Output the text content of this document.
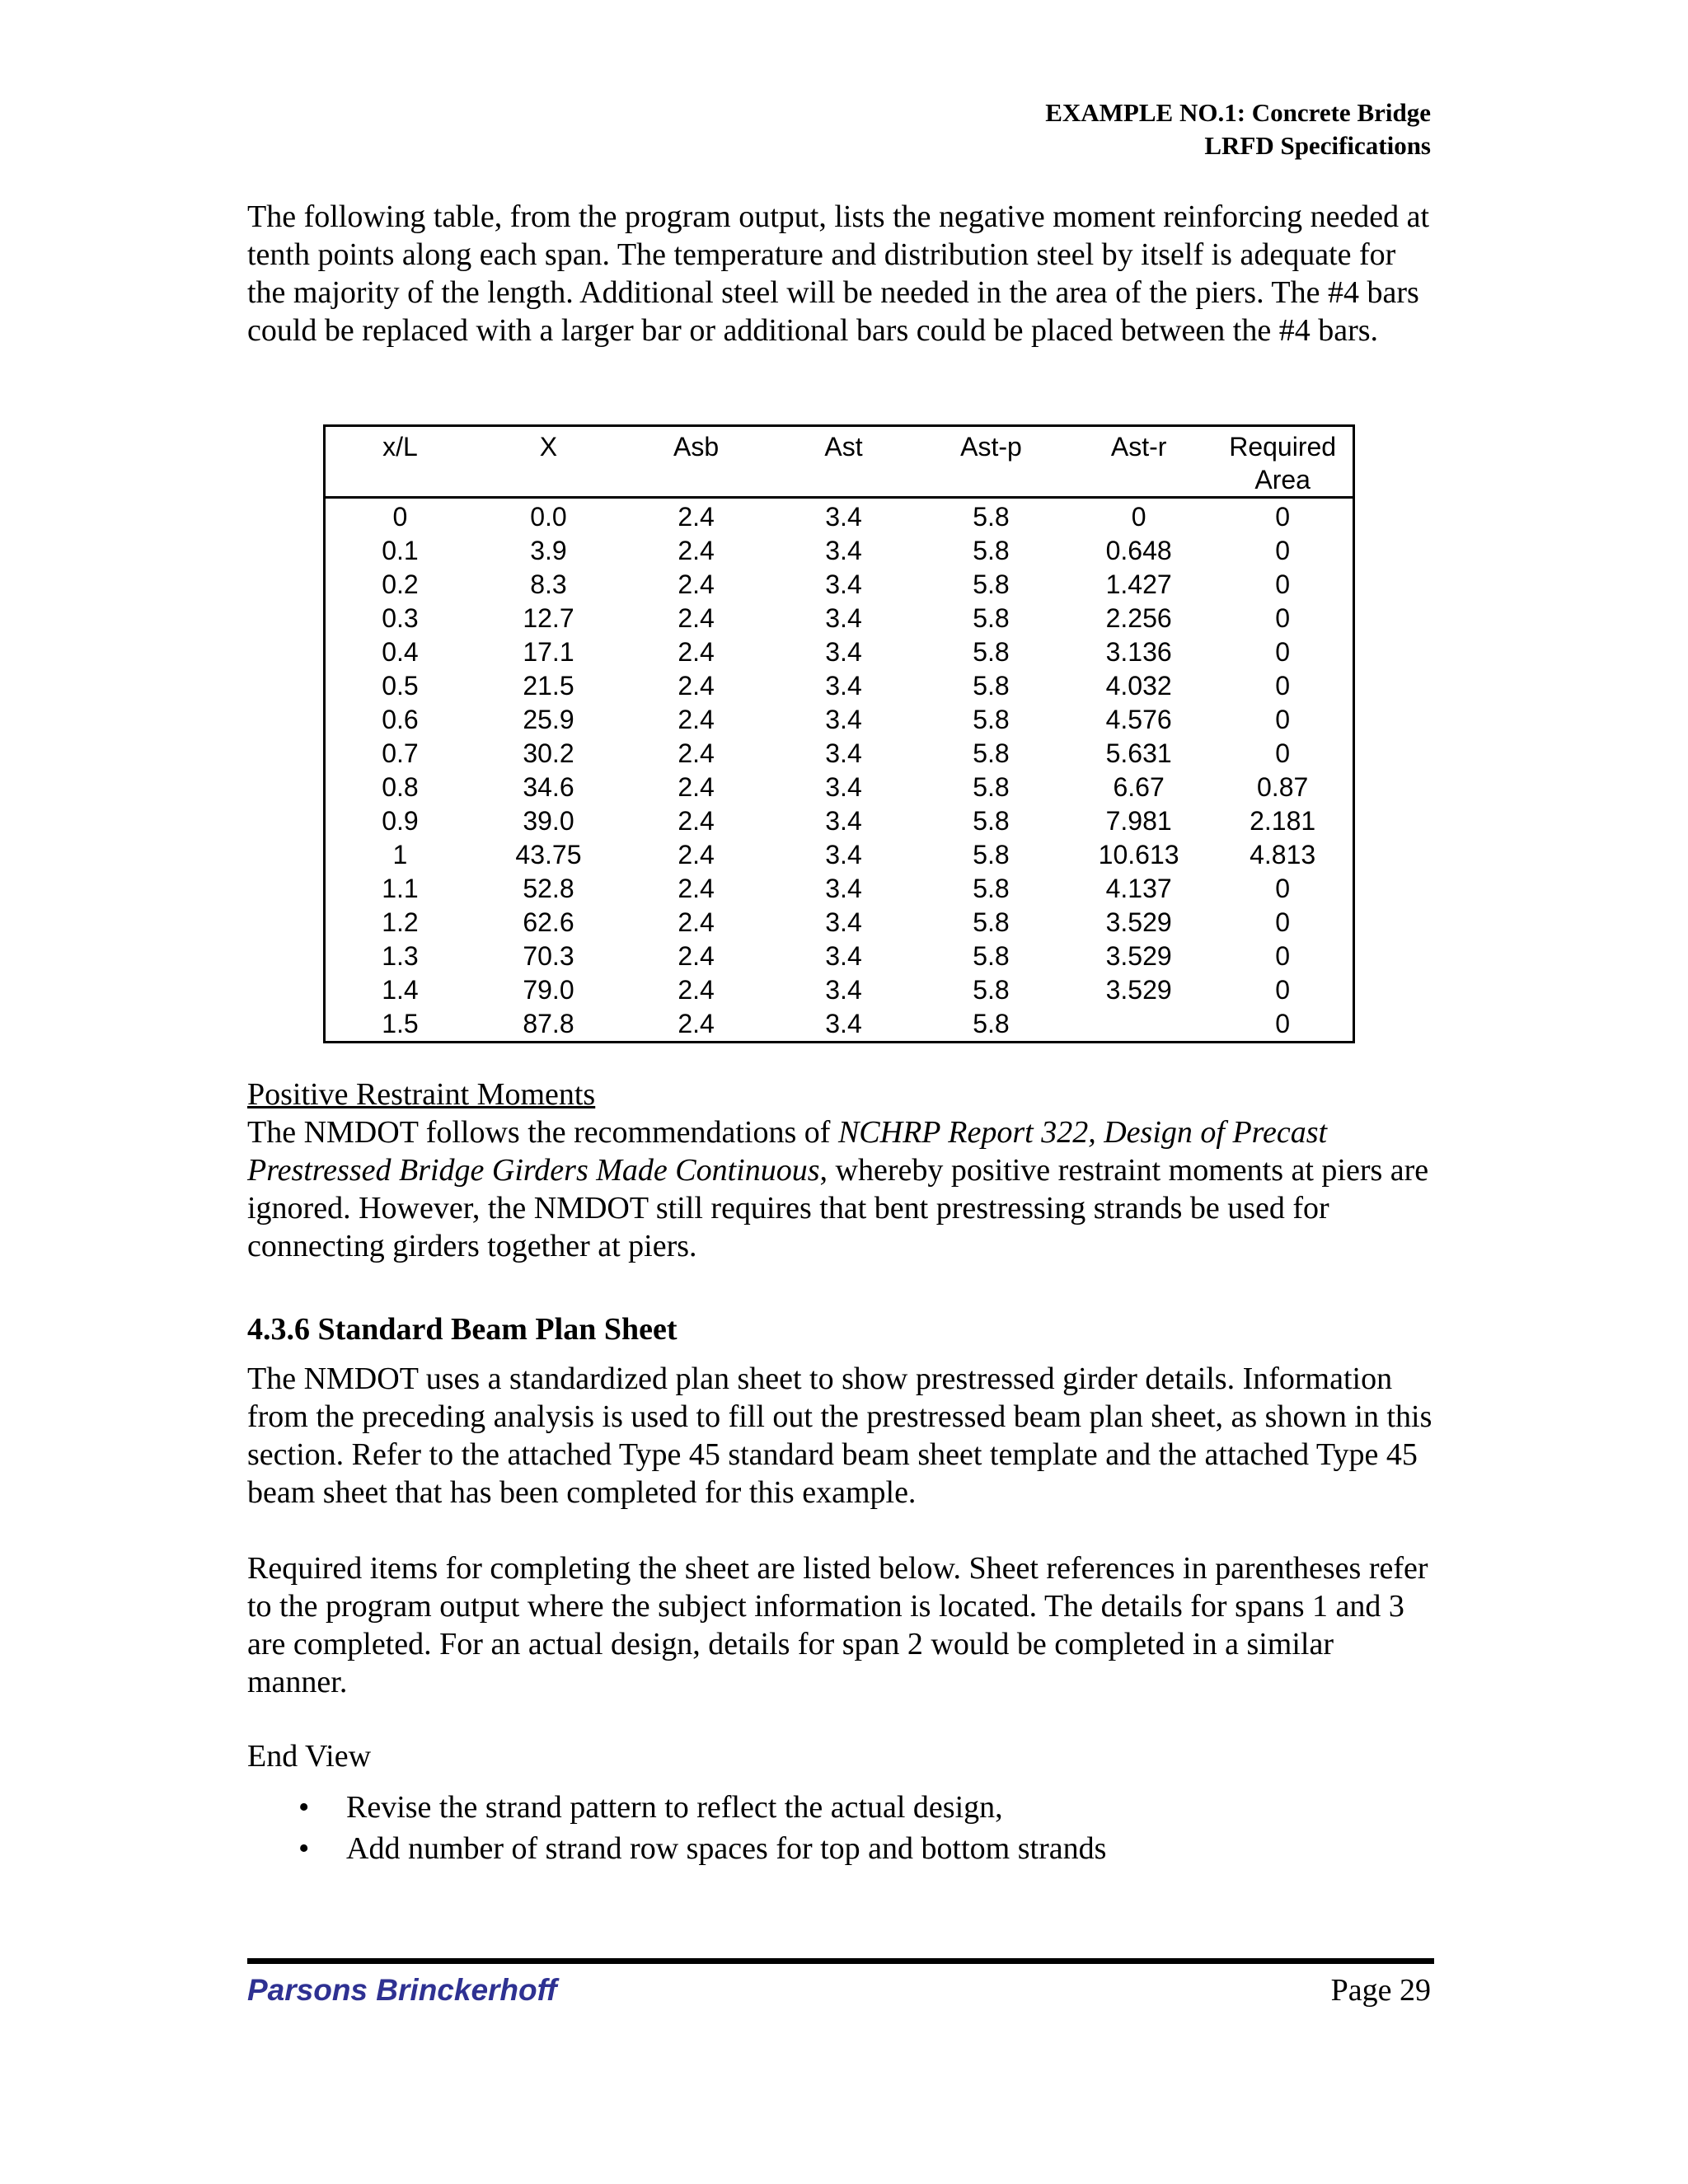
EXAMPLE NO.1: Concrete Bridge
LRFD Specifications

The following table, from the program output, lists the negative moment reinforcing needed at tenth points along each span. The temperature and distribution steel by itself is adequate for the majority of the length. Additional steel will be needed in the area of the piers. The #4 bars could be replaced with a larger bar or additional bars could be placed between the #4 bars.

x/L	X	Asb	Ast	Ast-p	Ast-r	Required Area
0	0.0	2.4	3.4	5.8	0	0
0.1	3.9	2.4	3.4	5.8	0.648	0
0.2	8.3	2.4	3.4	5.8	1.427	0
0.3	12.7	2.4	3.4	5.8	2.256	0
0.4	17.1	2.4	3.4	5.8	3.136	0
0.5	21.5	2.4	3.4	5.8	4.032	0
0.6	25.9	2.4	3.4	5.8	4.576	0
0.7	30.2	2.4	3.4	5.8	5.631	0
0.8	34.6	2.4	3.4	5.8	6.67	0.87
0.9	39.0	2.4	3.4	5.8	7.981	2.181
1	43.75	2.4	3.4	5.8	10.613	4.813
1.1	52.8	2.4	3.4	5.8	4.137	0
1.2	62.6	2.4	3.4	5.8	3.529	0
1.3	70.3	2.4	3.4	5.8	3.529	0
1.4	79.0	2.4	3.4	5.8	3.529	0
1.5	87.8	2.4	3.4	5.8		0
Positive Restraint Moments

The NMDOT follows the recommendations of NCHRP Report 322, Design of Precast Prestressed Bridge Girders Made Continuous, whereby positive restraint moments at piers are ignored. However, the NMDOT still requires that bent prestressing strands be used for connecting girders together at piers.

4.3.6 Standard Beam Plan Sheet

The NMDOT uses a standardized plan sheet to show prestressed girder details. Information from the preceding analysis is used to fill out the prestressed beam plan sheet, as shown in this section. Refer to the attached Type 45 standard beam sheet template and the attached Type 45 beam sheet that has been completed for this example.

Required items for completing the sheet are listed below. Sheet references in parentheses refer to the program output where the subject information is located. The details for spans 1 and 3 are completed. For an actual design, details for span 2 would be completed in a similar manner.

End View
• Revise the strand pattern to reflect the actual design,
• Add number of strand row spaces for top and bottom strands
Parsons Brinckerhoff	Page 29
